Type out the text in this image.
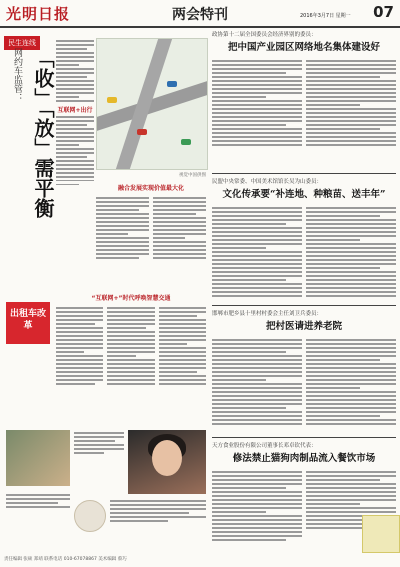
光明日报	两会特刊	2016年3月7日 星期一 07
民生连线
「收」「放」需平衡
网约车监管：
互联网+出行
视觉中国供图
融合发展实现价值最大化
出租车改革
“互联网+”时代呼唤智慧交通
政协第十二届全国委员会经济界别的委员：
把中国产业园区网络地名集体建设好
民盟中央常委、中国美术馆馆长吴为山委员：
文化传承要“补连地、种粮苗、送丰年”
邯郸市肥乡县十里村村委会主任刘卫兵委员：
把村医请进养老院
天方食业股份有限公司董事长邓卓钦代表：
修法禁止猫狗肉制品流入餐饮市场
责任编辑 张硕 郑靖 联系电话 010-67078867 美术编辑 蔡巧
